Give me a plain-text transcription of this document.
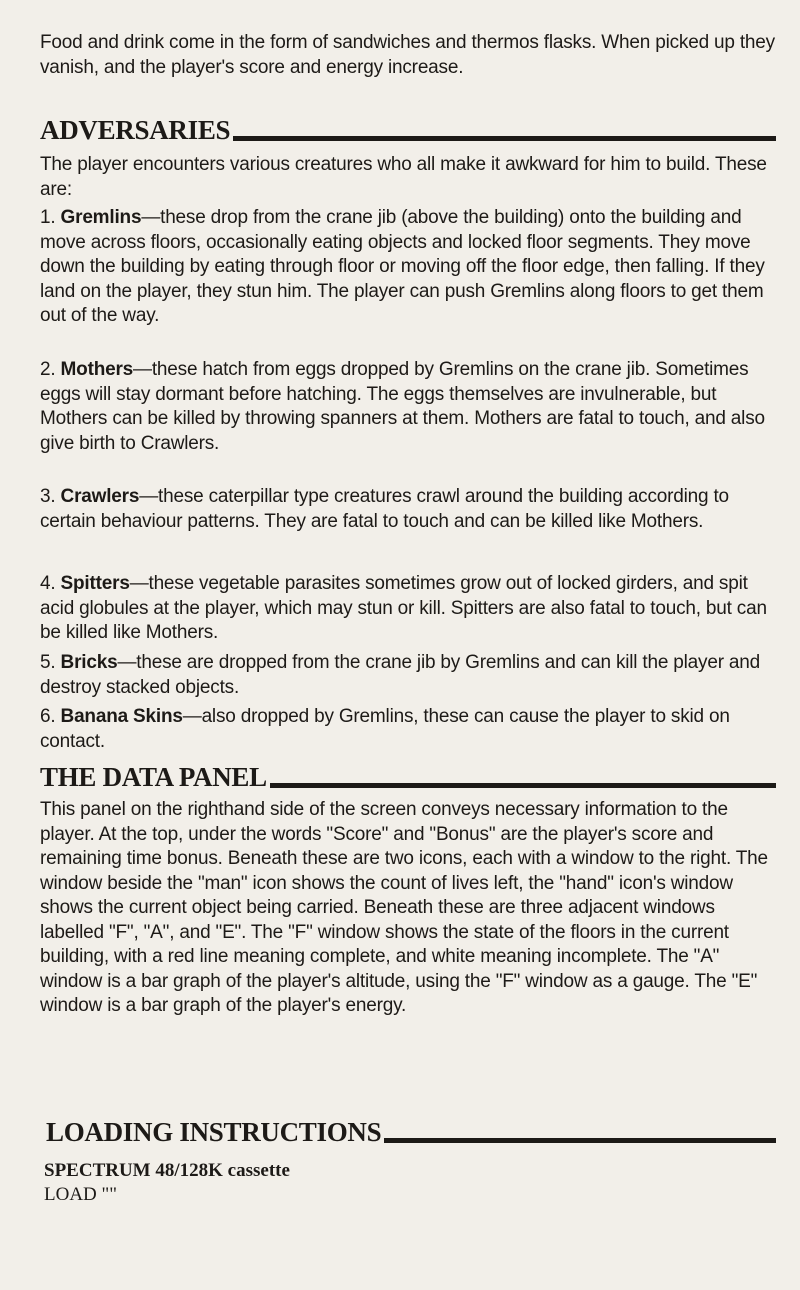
Food and drink come in the form of sandwiches and thermos flasks. When picked up they vanish, and the player's score and energy increase.

ADVERSARIES

The player encounters various creatures who all make it awkward for him to build. These are:

1. Gremlins—these drop from the crane jib (above the building) onto the building and move across floors, occasionally eating objects and locked floor segments. They move down the building by eating through floor or moving off the floor edge, then falling. If they land on the player, they stun him. The player can push Gremlins along floors to get them out of the way.

2. Mothers—these hatch from eggs dropped by Gremlins on the crane jib. Sometimes eggs will stay dormant before hatching. The eggs themselves are invulnerable, but Mothers can be killed by throwing spanners at them. Mothers are fatal to touch, and also give birth to Crawlers.

3. Crawlers—these caterpillar type creatures crawl around the building according to certain behaviour patterns. They are fatal to touch and can be killed like Mothers.

4. Spitters—these vegetable parasites sometimes grow out of locked girders, and spit acid globules at the player, which may stun or kill. Spitters are also fatal to touch, but can be killed like Mothers.

5. Bricks—these are dropped from the crane jib by Gremlins and can kill the player and destroy stacked objects.

6. Banana Skins—also dropped by Gremlins, these can cause the player to skid on contact.

THE DATA PANEL

This panel on the righthand side of the screen conveys necessary information to the player. At the top, under the words "Score" and "Bonus" are the player's score and remaining time bonus. Beneath these are two icons, each with a window to the right. The window beside the "man" icon shows the count of lives left, the "hand" icon's window shows the current object being carried. Beneath these are three adjacent windows labelled "F", "A", and "E". The "F" window shows the state of the floors in the current building, with a red line meaning complete, and white meaning incomplete. The "A" window is a bar graph of the player's altitude, using the "F" window as a gauge. The "E" window is a bar graph of the player's energy.

LOADING INSTRUCTIONS
SPECTRUM 48/128K cassette
LOAD ""
